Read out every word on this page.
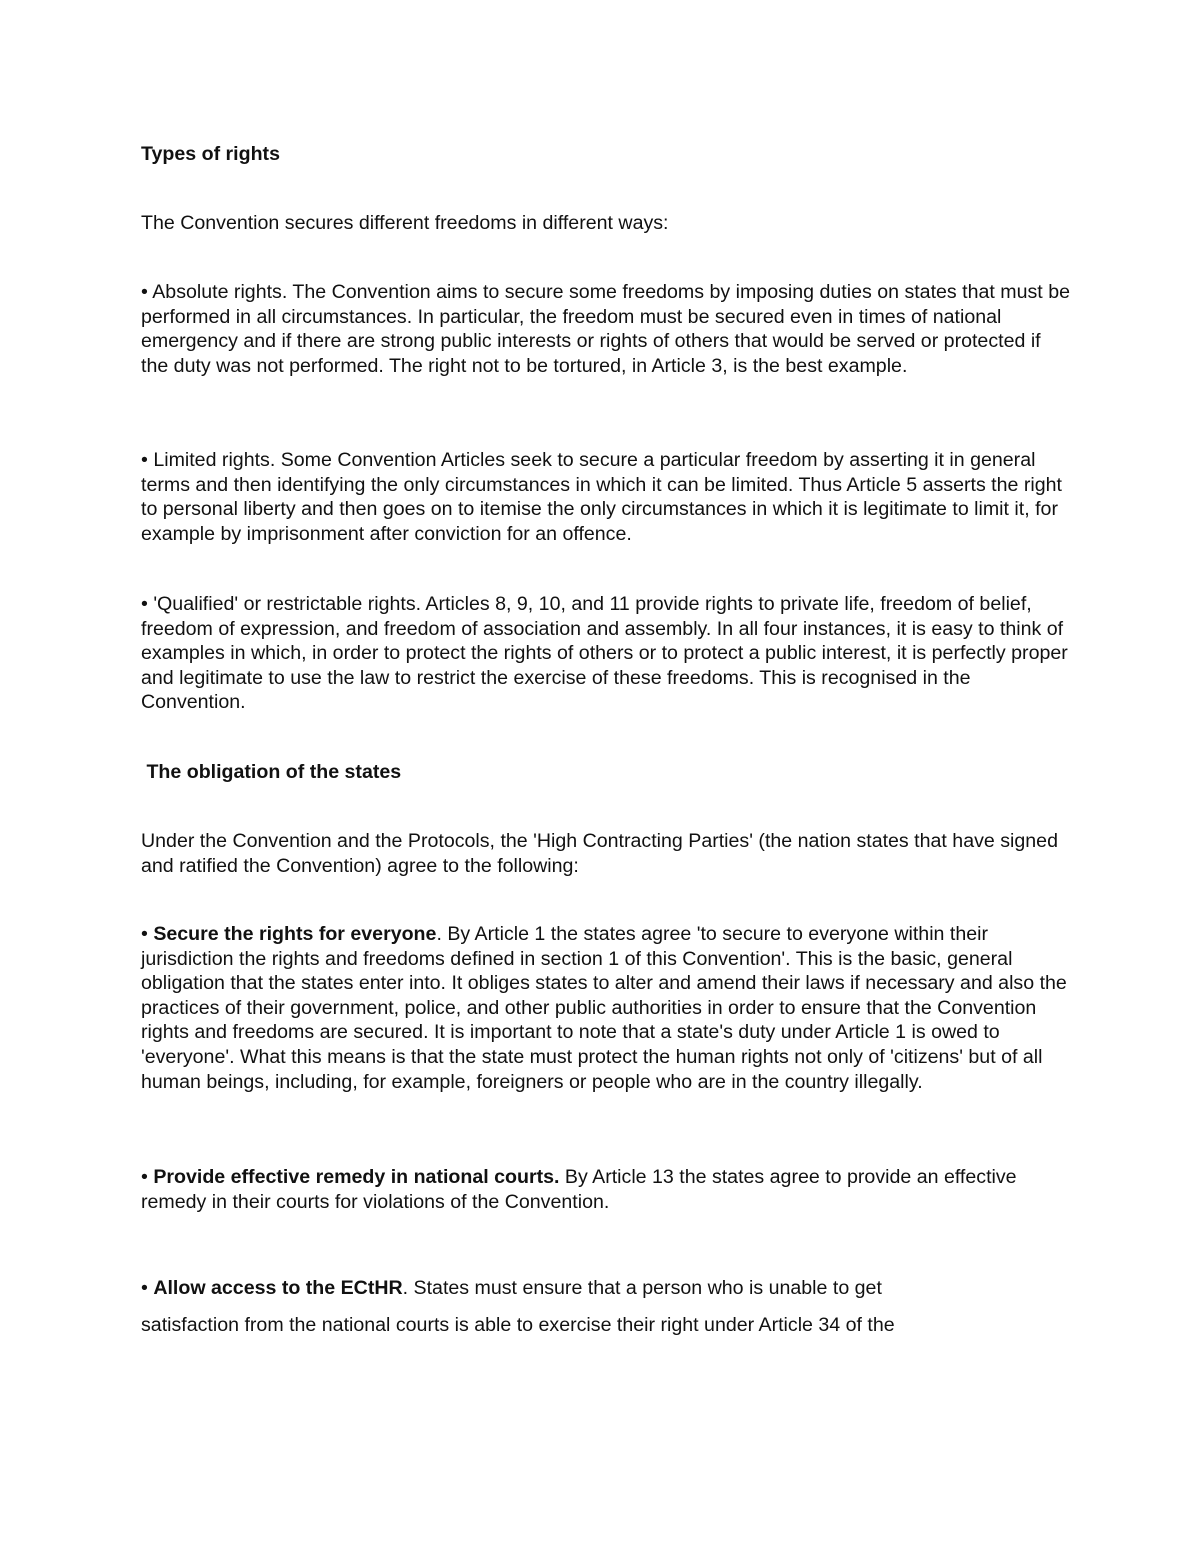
Types of rights

The Convention secures different freedoms in different ways:

• Absolute rights. The Convention aims to secure some freedoms by imposing duties on states that must be performed in all circumstances. In particular, the freedom must be secured even in times of national emergency and if there are strong public interests or rights of others that would be served or protected if the duty was not performed. The right not to be tortured, in Article 3, is the best example.

• Limited rights. Some Convention Articles seek to secure a particular freedom by asserting it in general terms and then identifying the only circumstances in which it can be limited. Thus Article 5 asserts the right to personal liberty and then goes on to itemise the only circumstances in which it is legitimate to limit it, for example by imprisonment after conviction for an offence.

• 'Qualified' or restrictable rights. Articles 8, 9, 10, and 11 provide rights to private life, freedom of belief, freedom of expression, and freedom of association and assembly. In all four instances, it is easy to think of examples in which, in order to protect the rights of others or to protect a public interest, it is perfectly proper and legitimate to use the law to restrict the exercise of these freedoms. This is recognised in the Convention.

The obligation of the states

Under the Convention and the Protocols, the 'High Contracting Parties' (the nation states that have signed and ratified the Convention) agree to the following:

• Secure the rights for everyone. By Article 1 the states agree 'to secure to everyone within their jurisdiction the rights and freedoms defined in section 1 of this Convention'. This is the basic, general obligation that the states enter into. It obliges states to alter and amend their laws if necessary and also the practices of their government, police, and other public authorities in order to ensure that the Convention rights and freedoms are secured. It is important to note that a state's duty under Article 1 is owed to 'everyone'. What this means is that the state must protect the human rights not only of 'citizens' but of all human beings, including, for example, foreigners or people who are in the country illegally.

• Provide effective remedy in national courts. By Article 13 the states agree to provide an effective remedy in their courts for violations of the Convention.

• Allow access to the ECtHR. States must ensure that a person who is unable to get

satisfaction from the national courts is able to exercise their right under Article 34 of the
